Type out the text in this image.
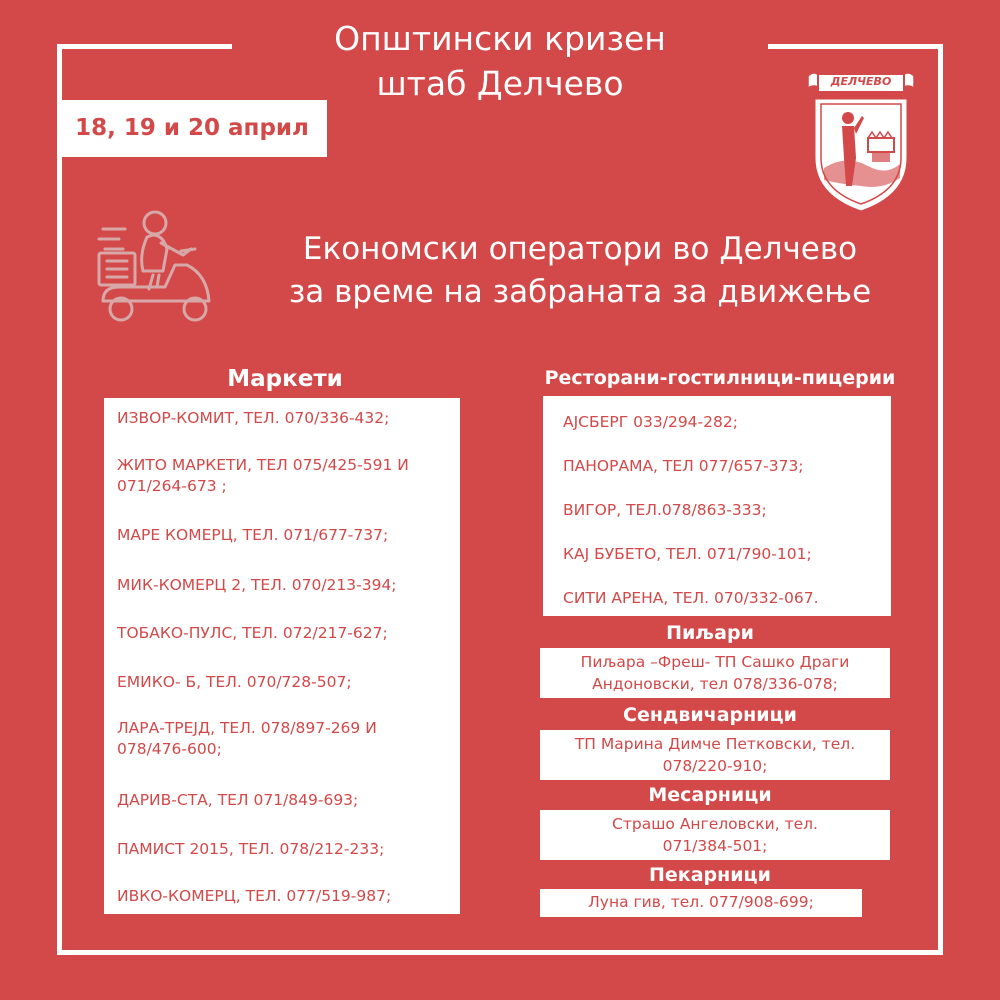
Општински кризен
штаб Делчево
18, 19 и 20 април
ДЕЛЧЕВО
Економски оператори во Делчево
за време на забраната за движење
Маркети
ИЗВОР-КОМИТ, ТЕЛ. 070/336-432;
ЖИТО МАРКЕТИ, ТЕЛ 075/425-591 И
071/264-673 ;
МАРЕ КОМЕРЦ, ТЕЛ. 071/677-737;
МИК-КОМЕРЦ 2, ТЕЛ. 070/213-394;
ТОБАКО-ПУЛС, ТЕЛ. 072/217-627;
ЕМИКО- Б, ТЕЛ. 070/728-507;
ЛАРА-ТРЕЈД, ТЕЛ. 078/897-269 И
078/476-600;
ДАРИВ-СТА, ТЕЛ 071/849-693;
ПАМИСТ 2015, ТЕЛ. 078/212-233;
ИВКО-КОМЕРЦ, ТЕЛ. 077/519-987;
Ресторани-гостилници-пицерии
АЈСБЕРГ 033/294-282;
ПАНОРАМА, ТЕЛ 077/657-373;
ВИГОР, ТЕЛ.078/863-333;
КАЈ БУБЕТО, ТЕЛ. 071/790-101;
СИТИ АРЕНА, ТЕЛ. 070/332-067.
Пиљари
Пиљара –Фреш- ТП Сашко Драги
Андоновски, тел 078/336-078;
Сендвичарници
ТП Марина Димче Петковски, тел.
078/220-910;
Месарници
Страшо Ангеловски, тел.
071/384-501;
Пекарници
Луна гив, тел. 077/908-699;
